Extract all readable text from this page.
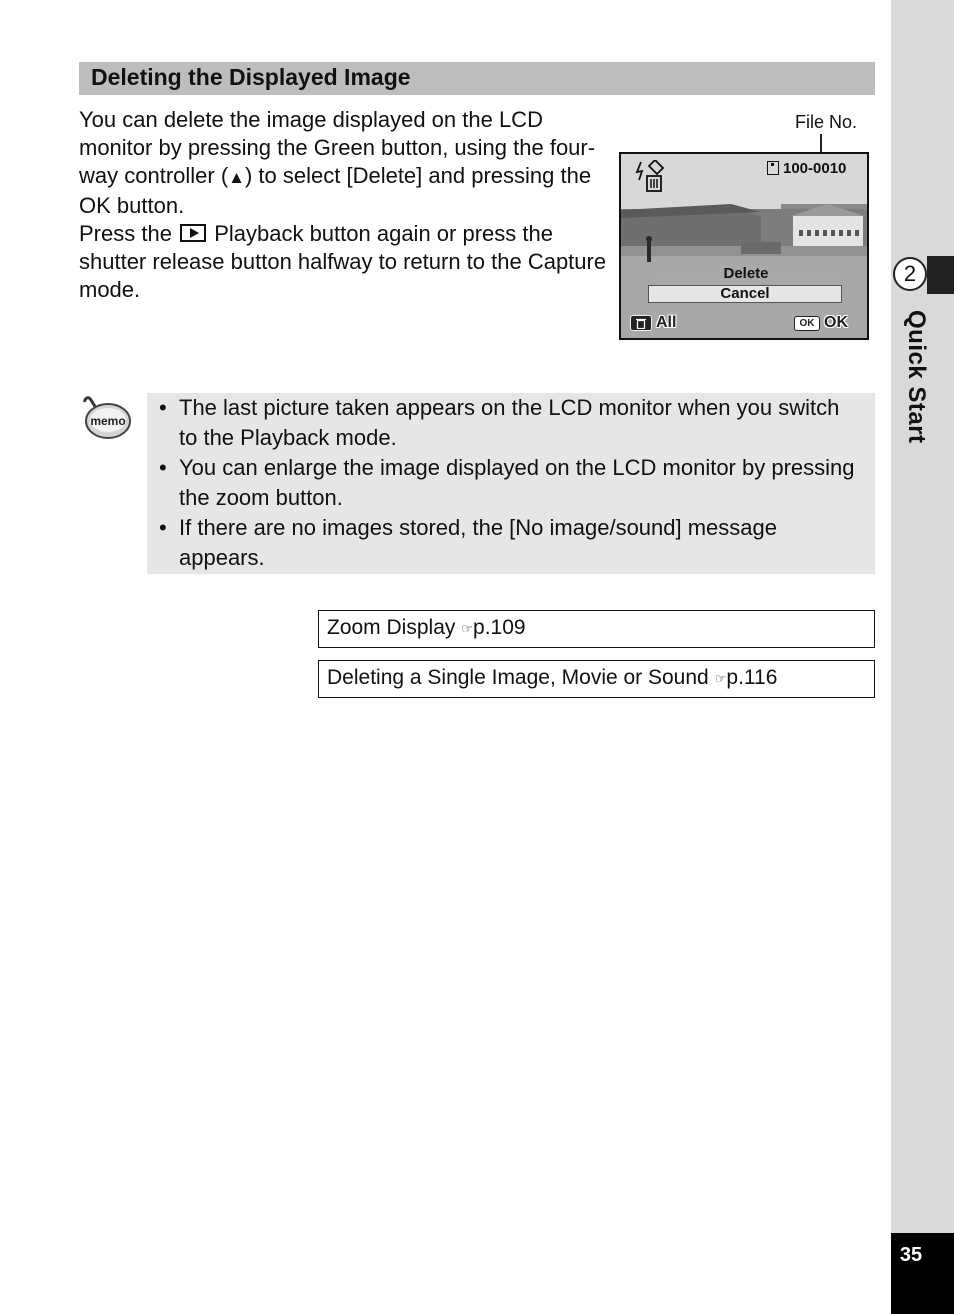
2
Quick Start
35
Deleting the Displayed Image

You can delete the image displayed on the LCD monitor by pressing the Green button, using the four-way controller (▲) to select [Delete] and pressing the OK button.

Press the Playback button again or press the shutter release button halfway to return to the Capture mode.

File No.
100-0010
Delete
Cancel
All	OK OK
memo
• The last picture taken appears on the LCD monitor when you switch to the Playback mode.
• You can enlarge the image displayed on the LCD monitor by pressing the zoom button.
• If there are no images stored, the [No image/sound] message appears.
Zoom Display ☞p.109
Deleting a Single Image, Movie or Sound ☞p.116
